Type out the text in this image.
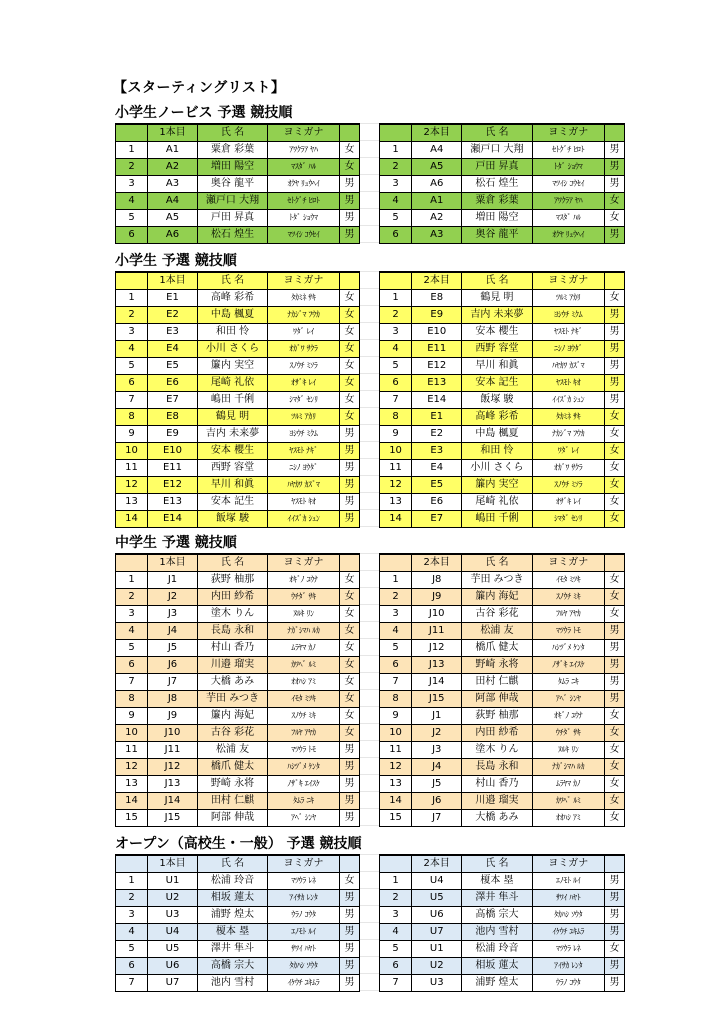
【スターティングリスト】
小学生ノービス 予選 競技順
	1本目	氏 名	ヨミガナ	
1	A1	粟倉 彩葉	ｱﾜｸﾗｱ ﾔﾊ	女
2	A2	増田 陽空	ﾏｽﾀﾞ ﾊﾙ	女
3	A3	奥谷 龍平	ｵｸﾔ ﾘｭｳﾍｲ	男
4	A4	瀬戸口 大翔	ｾﾄｸﾞﾁ ﾋﾛﾄ	男
5	A5	戸田 昇真	ﾄﾀﾞ ｼｮｳﾏ	男
6	A6	松石 煌生	ﾏﾂｲｼ ｺｳｾｲ	男
	2本目	氏 名	ヨミガナ	
1	A4	瀬戸口 大翔	ｾﾄｸﾞﾁ ﾋﾛﾄ	男
2	A5	戸田 昇真	ﾄﾀﾞ ｼｮｳﾏ	男
3	A6	松石 煌生	ﾏﾂｲｼ ｺｳｾｲ	男
4	A1	粟倉 彩葉	ｱﾜｸﾗｱ ﾔﾊ	女
5	A2	増田 陽空	ﾏｽﾀﾞ ﾊﾙ	女
6	A3	奥谷 龍平	ｵｸﾔ ﾘｭｳﾍｲ	男
小学生 予選 競技順
	1本目	氏 名	ヨミガナ	
1	E1	高峰 彩希	ﾀｶﾐﾈ ｻｷ	女
2	E2	中島 楓夏	ﾅｶｼﾞﾏ ﾌｳｶ	女
3	E3	和田 怜	ﾜﾀﾞ ﾚｲ	女
4	E4	小川 さくら	ｵｶﾞﾜ ｻｸﾗ	女
5	E5	簾内 実空	ｽﾉｳﾁ ﾐｿﾗ	女
6	E6	尾崎 礼依	ｵｻﾞｷ ﾚｲ	女
7	E7	嶋田 千俐	ｼﾏﾀﾞ ｾﾝﾘ	女
8	E8	鶴見 明	ﾂﾙﾐ ｱｶﾘ	女
9	E9	吉内 未来夢	ﾖｼｳﾁ ﾐｸﾑ	男
10	E10	安本 櫻生	ﾔｽﾓﾄ ﾅｷﾞ	男
11	E11	西野 容堂	ﾆｼﾉ ﾖｳﾀﾞ	男
12	E12	早川 和眞	ﾊﾔｶﾜ ｶｽﾞﾏ	男
13	E13	安本 記生	ﾔｽﾓﾄ ｷｵ	男
14	E14	飯塚 駿	ｲｲｽﾞｶ ｼｭﾝ	男
	2本目	氏 名	ヨミガナ	
1	E8	鶴見 明	ﾂﾙﾐ ｱｶﾘ	女
2	E9	吉内 未来夢	ﾖｼｳﾁ ﾐｸﾑ	男
3	E10	安本 櫻生	ﾔｽﾓﾄ ﾅｷﾞ	男
4	E11	西野 容堂	ﾆｼﾉ ﾖｳﾀﾞ	男
5	E12	早川 和眞	ﾊﾔｶﾜ ｶｽﾞﾏ	男
6	E13	安本 記生	ﾔｽﾓﾄ ｷｵ	男
7	E14	飯塚 駿	ｲｲｽﾞｶ ｼｭﾝ	男
8	E1	高峰 彩希	ﾀｶﾐﾈ ｻｷ	女
9	E2	中島 楓夏	ﾅｶｼﾞﾏ ﾌｳｶ	女
10	E3	和田 怜	ﾜﾀﾞ ﾚｲ	女
11	E4	小川 さくら	ｵｶﾞﾜ ｻｸﾗ	女
12	E5	簾内 実空	ｽﾉｳﾁ ﾐｿﾗ	女
13	E6	尾崎 礼依	ｵｻﾞｷ ﾚｲ	女
14	E7	嶋田 千俐	ｼﾏﾀﾞ ｾﾝﾘ	女
中学生 予選 競技順
	1本目	氏 名	ヨミガナ	
1	J1	荻野 柚那	ｵｷﾞﾉ ﾕｳﾅ	女
2	J2	内田 紗希	ｳﾁﾀﾞ ｻｷ	女
3	J3	塗木 りん	ﾇﾙｷ ﾘﾝ	女
4	J4	長島 永和	ﾅｶﾞｼﾏﾊ ﾙｶ	女
5	J5	村山 香乃	ﾑﾗﾔﾏ ｶﾉ	女
6	J6	川邉 瑠実	ｶﾜﾍﾞ ﾙﾐ	女
7	J7	大橋 あみ	ｵｵﾊｼ ｱﾐ	女
8	J8	芋田 みつき	ｲﾓﾀ ﾐﾂｷ	女
9	J9	簾内 海妃	ｽﾉｳﾁ ﾐｷ	女
10	J10	古谷 彩花	ﾌﾙﾔ ｱﾔｶ	女
11	J11	松浦 友	ﾏﾂｳﾗ ﾄﾓ	男
12	J12	橋爪 健太	ﾊｼﾂﾞﾒ ｹﾝﾀ	男
13	J13	野崎 永将	ﾉｻﾞｷ ｴｲｽｹ	男
14	J14	田村 仁麒	ﾀﾑﾗ ﾆｷ	男
15	J15	阿部 伸哉	ｱﾍﾞ ｼﾝﾔ	男
	2本目	氏 名	ヨミガナ	
1	J8	芋田 みつき	ｲﾓﾀ ﾐﾂｷ	女
2	J9	簾内 海妃	ｽﾉｳﾁ ﾐｷ	女
3	J10	古谷 彩花	ﾌﾙﾔ ｱﾔｶ	女
4	J11	松浦 友	ﾏﾂｳﾗ ﾄﾓ	男
5	J12	橋爪 健太	ﾊｼﾂﾞﾒ ｹﾝﾀ	男
6	J13	野崎 永将	ﾉｻﾞｷ ｴｲｽｹ	男
7	J14	田村 仁麒	ﾀﾑﾗ ﾆｷ	男
8	J15	阿部 伸哉	ｱﾍﾞ ｼﾝﾔ	男
9	J1	荻野 柚那	ｵｷﾞﾉ ﾕｳﾅ	女
10	J2	内田 紗希	ｳﾁﾀﾞ ｻｷ	女
11	J3	塗木 りん	ﾇﾙｷ ﾘﾝ	女
12	J4	長島 永和	ﾅｶﾞｼﾏﾊ ﾙｶ	女
13	J5	村山 香乃	ﾑﾗﾔﾏ ｶﾉ	女
14	J6	川邉 瑠実	ｶﾜﾍﾞ ﾙﾐ	女
15	J7	大橋 あみ	ｵｵﾊｼ ｱﾐ	女
オープン（高校生・一般） 予選 競技順
	1本目	氏 名	ヨミガナ	
1	U1	松浦 玲音	ﾏﾂｳﾗ ﾚﾈ	女
2	U2	相坂 蓮太	ｱｲｻｶ ﾚﾝﾀ	男
3	U3	浦野 煌太	ｳﾗﾉ ｺｳﾀ	男
4	U4	榎本 塁	ｴﾉﾓﾄ ﾙｲ	男
5	U5	澤井 隼斗	ｻﾜｲ ﾊﾔﾄ	男
6	U6	高橋 宗大	ﾀｶﾊｼ ｿｳﾀ	男
7	U7	池内 雪村	ｲｹｳﾁ ﾕｷﾑﾗ	男
	2本目	氏 名	ヨミガナ	
1	U4	榎本 塁	ｴﾉﾓﾄ ﾙｲ	男
2	U5	澤井 隼斗	ｻﾜｲ ﾊﾔﾄ	男
3	U6	高橋 宗大	ﾀｶﾊｼ ｿｳﾀ	男
4	U7	池内 雪村	ｲｹｳﾁ ﾕｷﾑﾗ	男
5	U1	松浦 玲音	ﾏﾂｳﾗ ﾚﾈ	女
6	U2	相坂 蓮太	ｱｲｻｶ ﾚﾝﾀ	男
7	U3	浦野 煌太	ｳﾗﾉ ｺｳﾀ	男
